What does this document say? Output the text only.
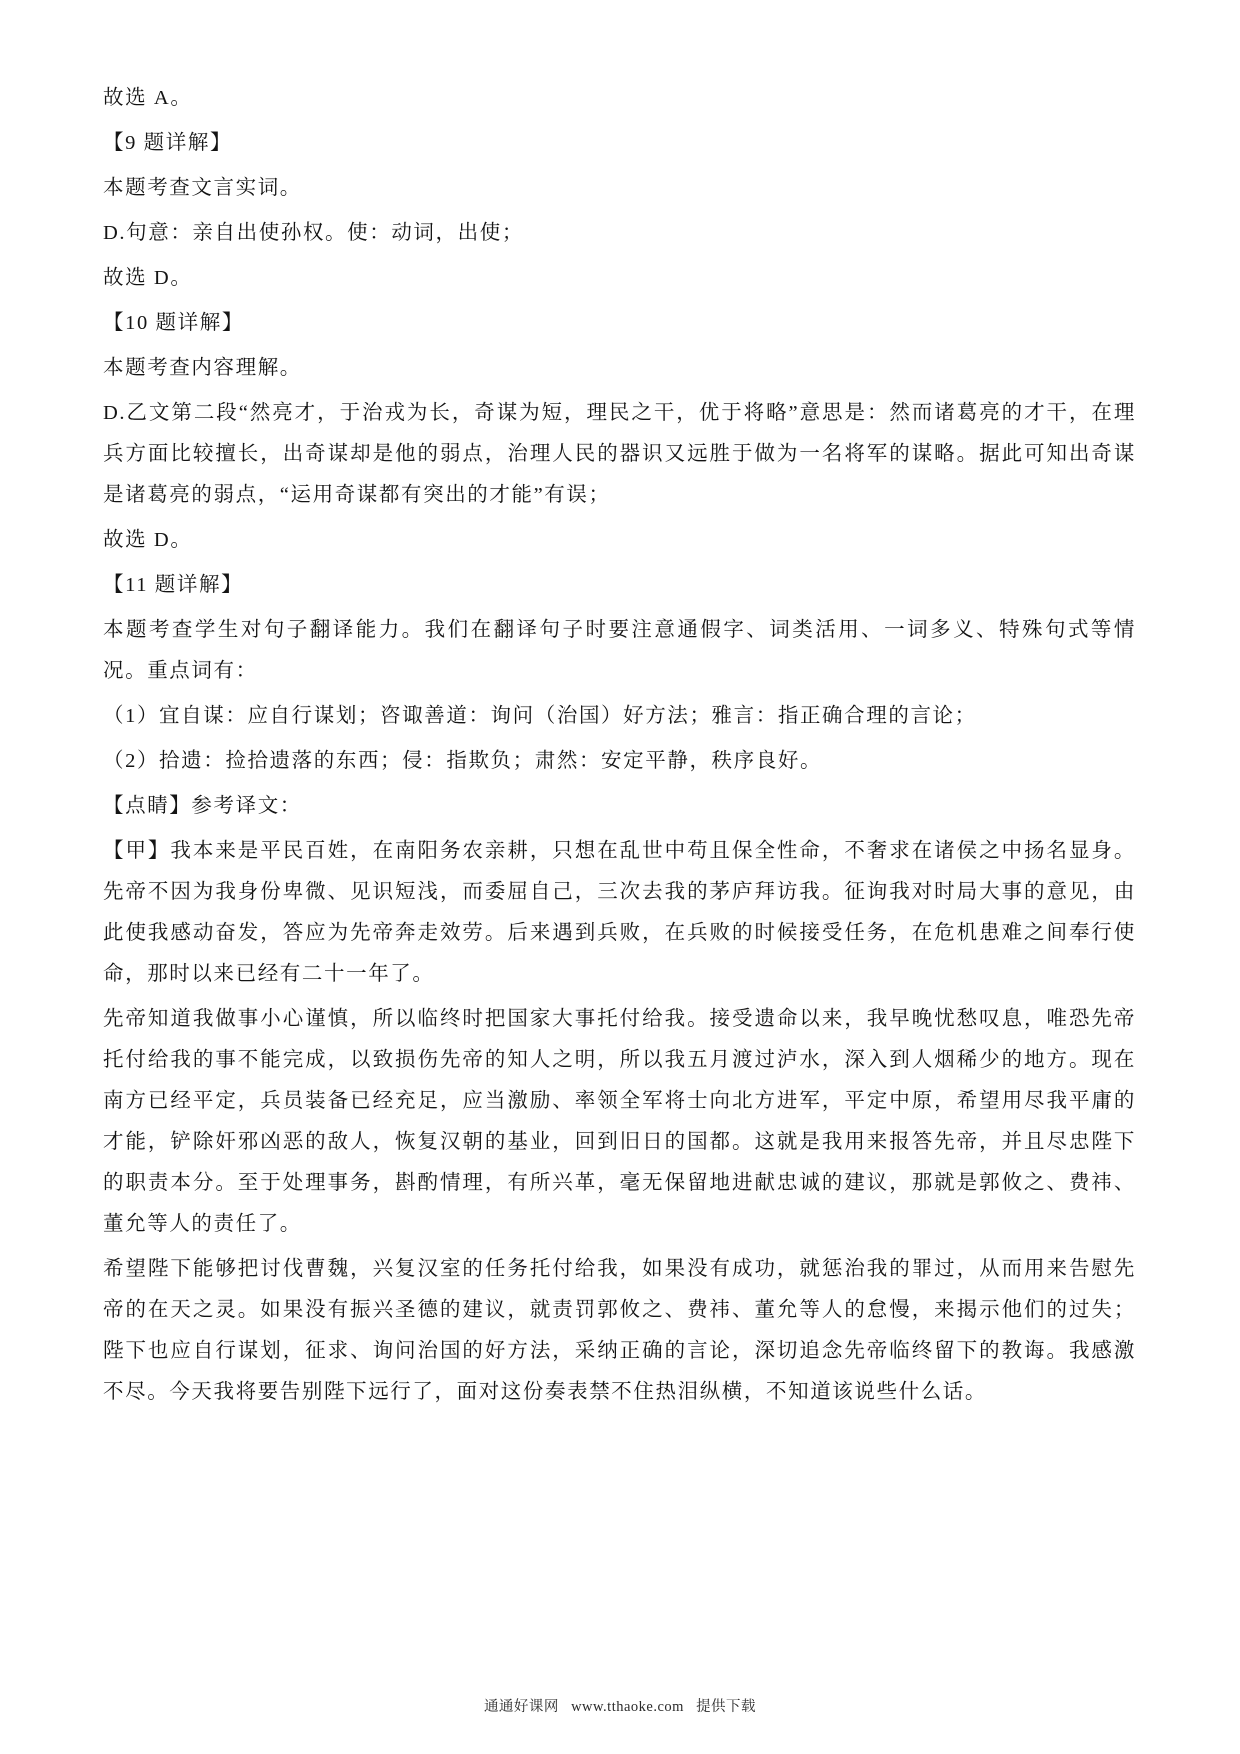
故选 A。

【9 题详解】

本题考查文言实词。

D.句意：亲自出使孙权。使：动词，出使；

故选 D。

【10 题详解】

本题考查内容理解。

D.乙文第二段“然亮才，于治戎为长，奇谋为短，理民之干，优于将略”意思是：然而诸葛亮的才干，在理兵方面比较擅长，出奇谋却是他的弱点，治理人民的器识又远胜于做为一名将军的谋略。据此可知出奇谋是诸葛亮的弱点，“运用奇谋都有突出的才能”有误；

故选 D。

【11 题详解】

本题考查学生对句子翻译能力。我们在翻译句子时要注意通假字、词类活用、一词多义、特殊句式等情况。重点词有：

（1）宜自谋：应自行谋划；咨诹善道：询问（治国）好方法；雅言：指正确合理的言论；

（2）拾遗：捡拾遗落的东西；侵：指欺负；肃然：安定平静，秩序良好。

【点睛】参考译文：

【甲】我本来是平民百姓，在南阳务农亲耕，只想在乱世中苟且保全性命，不奢求在诸侯之中扬名显身。先帝不因为我身份卑微、见识短浅，而委屈自己，三次去我的茅庐拜访我。征询我对时局大事的意见，由此使我感动奋发，答应为先帝奔走效劳。后来遇到兵败，在兵败的时候接受任务，在危机患难之间奉行使命，那时以来已经有二十一年了。

先帝知道我做事小心谨慎，所以临终时把国家大事托付给我。接受遗命以来，我早晚忧愁叹息，唯恐先帝托付给我的事不能完成，以致损伤先帝的知人之明，所以我五月渡过泸水，深入到人烟稀少的地方。现在南方已经平定，兵员装备已经充足，应当激励、率领全军将士向北方进军，平定中原，希望用尽我平庸的才能，铲除奸邪凶恶的敌人，恢复汉朝的基业，回到旧日的国都。这就是我用来报答先帝，并且尽忠陛下的职责本分。至于处理事务，斟酌情理，有所兴革，毫无保留地进献忠诚的建议，那就是郭攸之、费祎、董允等人的责任了。

希望陛下能够把讨伐曹魏，兴复汉室的任务托付给我，如果没有成功，就惩治我的罪过，从而用来告慰先帝的在天之灵。如果没有振兴圣德的建议，就责罚郭攸之、费祎、董允等人的怠慢，来揭示他们的过失；陛下也应自行谋划，征求、询问治国的好方法，采纳正确的言论，深切追念先帝临终留下的教诲。我感激不尽。今天我将要告别陛下远行了，面对这份奏表禁不住热泪纵横，不知道该说些什么话。

通通好课网 www.tthaoke.com 提供下载
